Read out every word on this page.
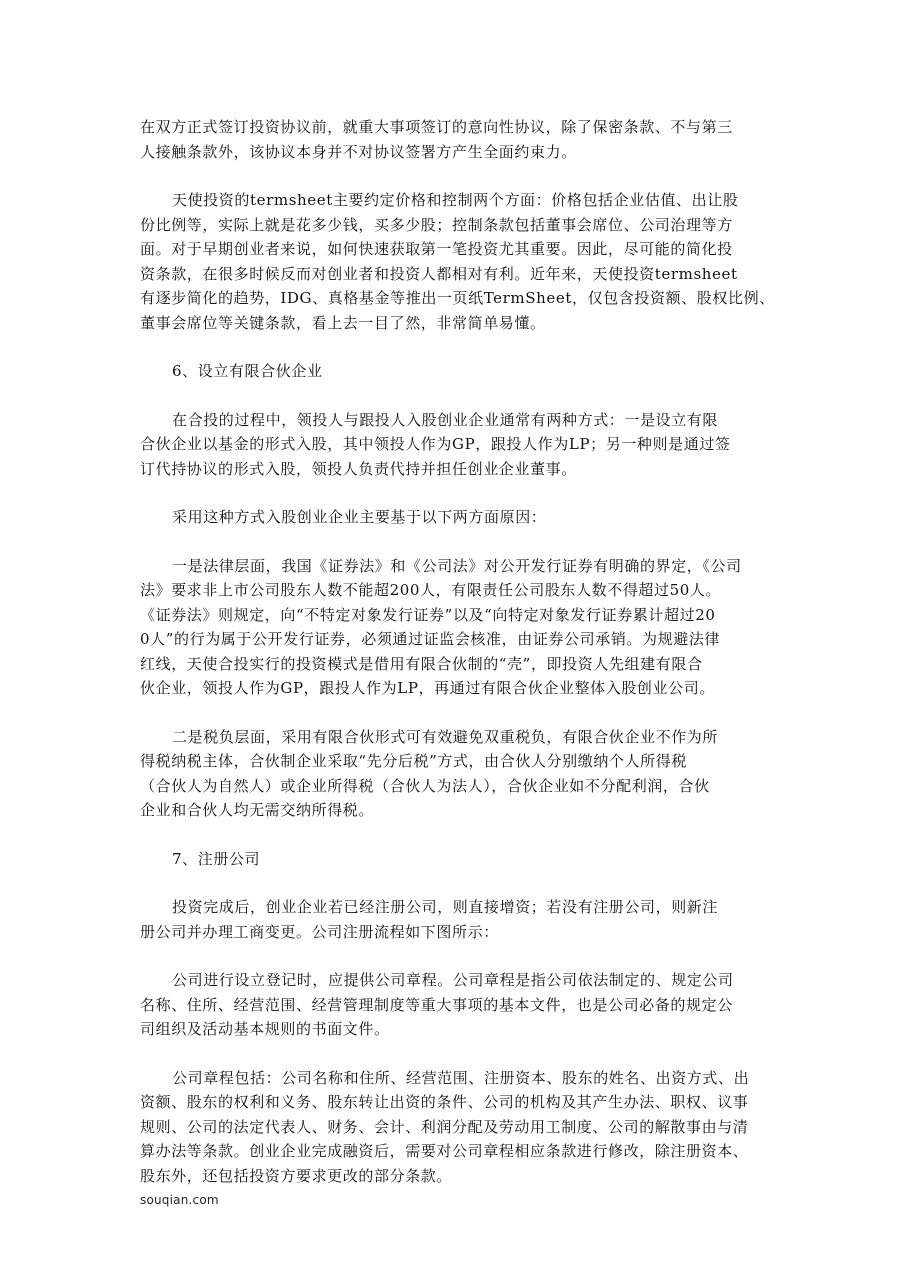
在双方正式签订投资协议前，就重大事项签订的意向性协议，除了保密条款、不与第三
人接触条款外，该协议本身并不对协议签署方产生全面约束力。

天使投资的termsheet主要约定价格和控制两个方面：价格包括企业估值、出让股
份比例等，实际上就是花多少钱，买多少股；控制条款包括董事会席位、公司治理等方
面。对于早期创业者来说，如何快速获取第一笔投资尤其重要。因此，尽可能的简化投
资条款，在很多时候反而对创业者和投资人都相对有利。近年来，天使投资termsheet
有逐步简化的趋势，IDG、真格基金等推出一页纸TermSheet，仅包含投资额、股权比例、
董事会席位等关键条款，看上去一目了然，非常简单易懂。

6、设立有限合伙企业

在合投的过程中，领投人与跟投人入股创业企业通常有两种方式：一是设立有限
合伙企业以基金的形式入股，其中领投人作为GP，跟投人作为LP；另一种则是通过签
订代持协议的形式入股，领投人负责代持并担任创业企业董事。

采用这种方式入股创业企业主要基于以下两方面原因：

一是法律层面，我国《证券法》和《公司法》对公开发行证券有明确的界定，《公司
法》要求非上市公司股东人数不能超200人，有限责任公司股东人数不得超过50人。
《证券法》则规定，向“不特定对象发行证券”以及“向特定对象发行证券累计超过20
0人”的行为属于公开发行证券，必须通过证监会核准，由证券公司承销。为规避法律
红线，天使合投实行的投资模式是借用有限合伙制的“壳”，即投资人先组建有限合
伙企业，领投人作为GP，跟投人作为LP，再通过有限合伙企业整体入股创业公司。

二是税负层面，采用有限合伙形式可有效避免双重税负，有限合伙企业不作为所
得税纳税主体，合伙制企业采取“先分后税”方式，由合伙人分别缴纳个人所得税
（合伙人为自然人）或企业所得税（合伙人为法人），合伙企业如不分配利润，合伙
企业和合伙人均无需交纳所得税。

7、注册公司

投资完成后，创业企业若已经注册公司，则直接增资；若没有注册公司，则新注
册公司并办理工商变更。公司注册流程如下图所示：

公司进行设立登记时，应提供公司章程。公司章程是指公司依法制定的、规定公司
名称、住所、经营范围、经营管理制度等重大事项的基本文件，也是公司必备的规定公
司组织及活动基本规则的书面文件。

公司章程包括：公司名称和住所、经营范围、注册资本、股东的姓名、出资方式、出
资额、股东的权利和义务、股东转让出资的条件、公司的机构及其产生办法、职权、议事
规则、公司的法定代表人、财务、会计、利润分配及劳动用工制度、公司的解散事由与清
算办法等条款。创业企业完成融资后，需要对公司章程相应条款进行修改，除注册资本、
股东外，还包括投资方要求更改的部分条款。

souqian.com
